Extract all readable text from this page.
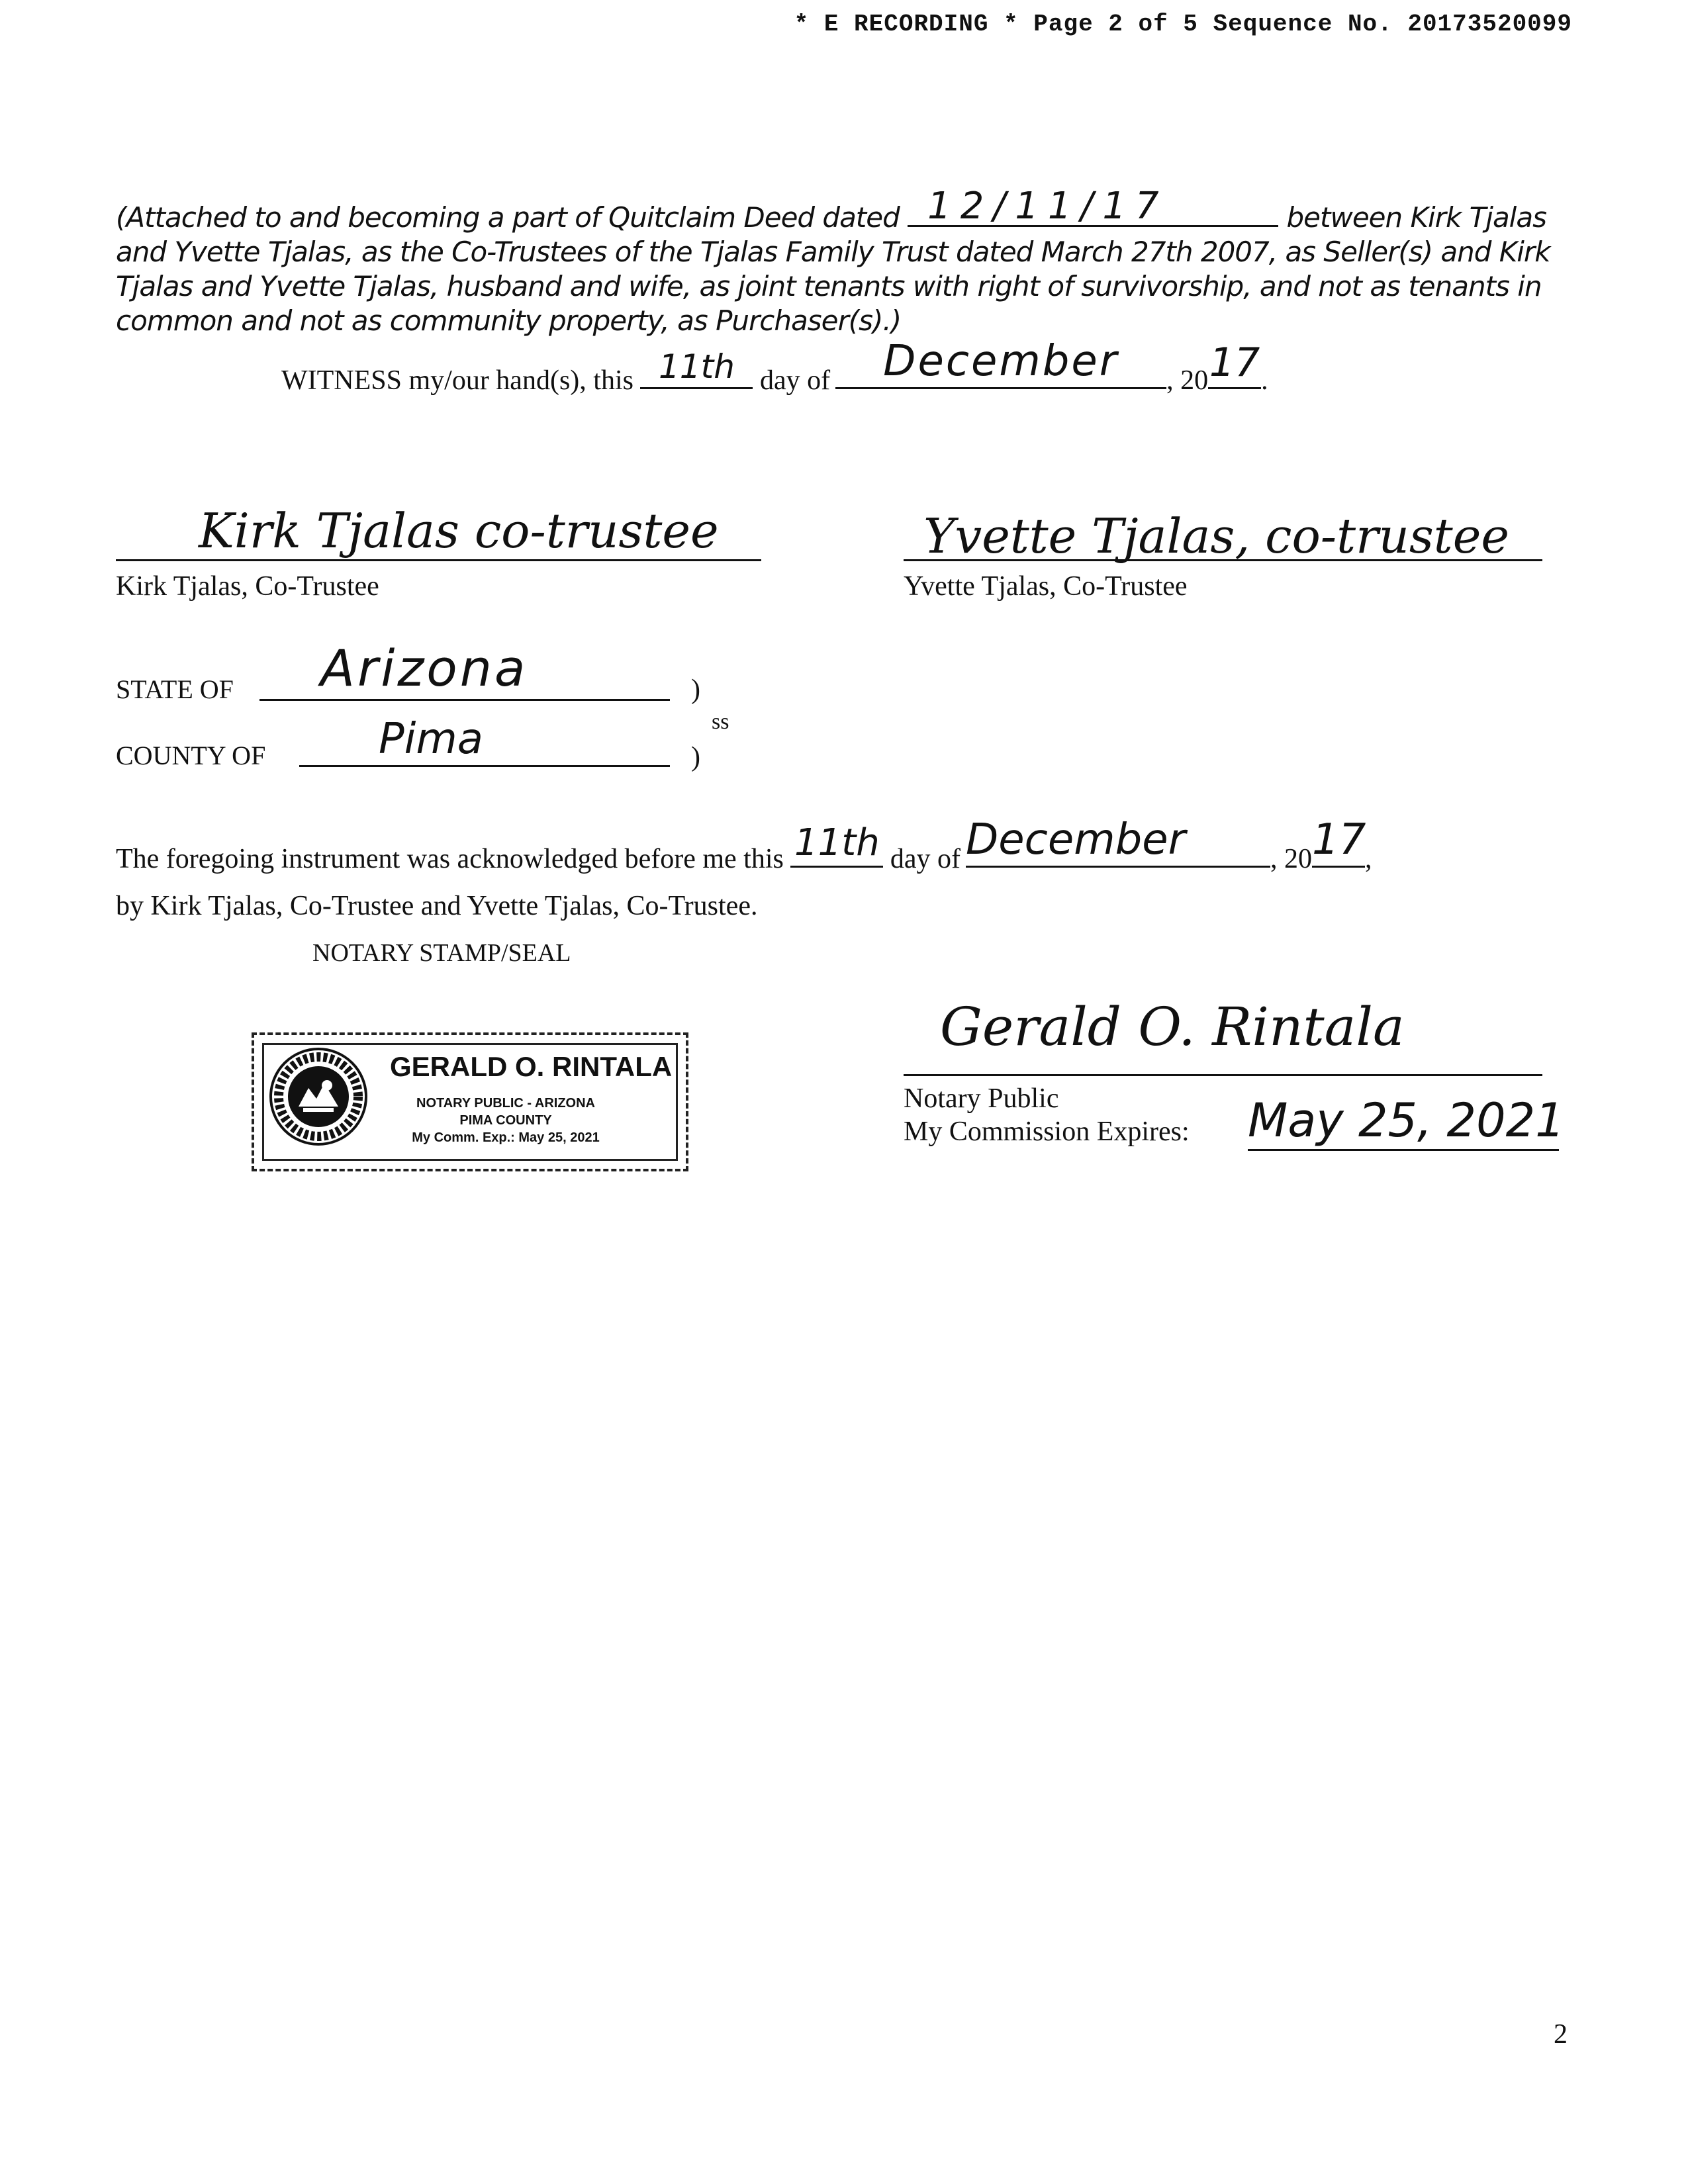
* E RECORDING * Page 2 of 5 Sequence No. 20173520099
(Attached to and becoming a part of Quitclaim Deed dated 12/11/17	between Kirk Tjalas and Yvette Tjalas, as the Co-Trustees of the Tjalas Family Trust dated March 27th 2007, as Seller(s) and Kirk Tjalas and Yvette Tjalas, husband and wife, as joint tenants with right of survivorship, and not as tenants in common and not as community property, as Purchaser(s).)
WITNESS my/our hand(s), this 11th day of	December	, 20 17 .
Kirk Tjalas co-trustee
Kirk Tjalas, Co-Trustee
Yvette Tjalas, co-trustee
Yvette Tjalas, Co-Trustee
STATE OF Arizona	)
ss
COUNTY OF	Pima	)
The foregoing instrument was acknowledged before me this 11th day of December	, 20 17
,
by Kirk Tjalas, Co-Trustee and Yvette Tjalas, Co-Trustee.
NOTARY STAMP/SEAL
GERALD O. RINTALA
NOTARY PUBLIC - ARIZONA
PIMA COUNTY
My Comm. Exp.: May 25, 2021
Gerald O. Rintala
Notary Public
My Commission Expires: May 25, 2021
2
